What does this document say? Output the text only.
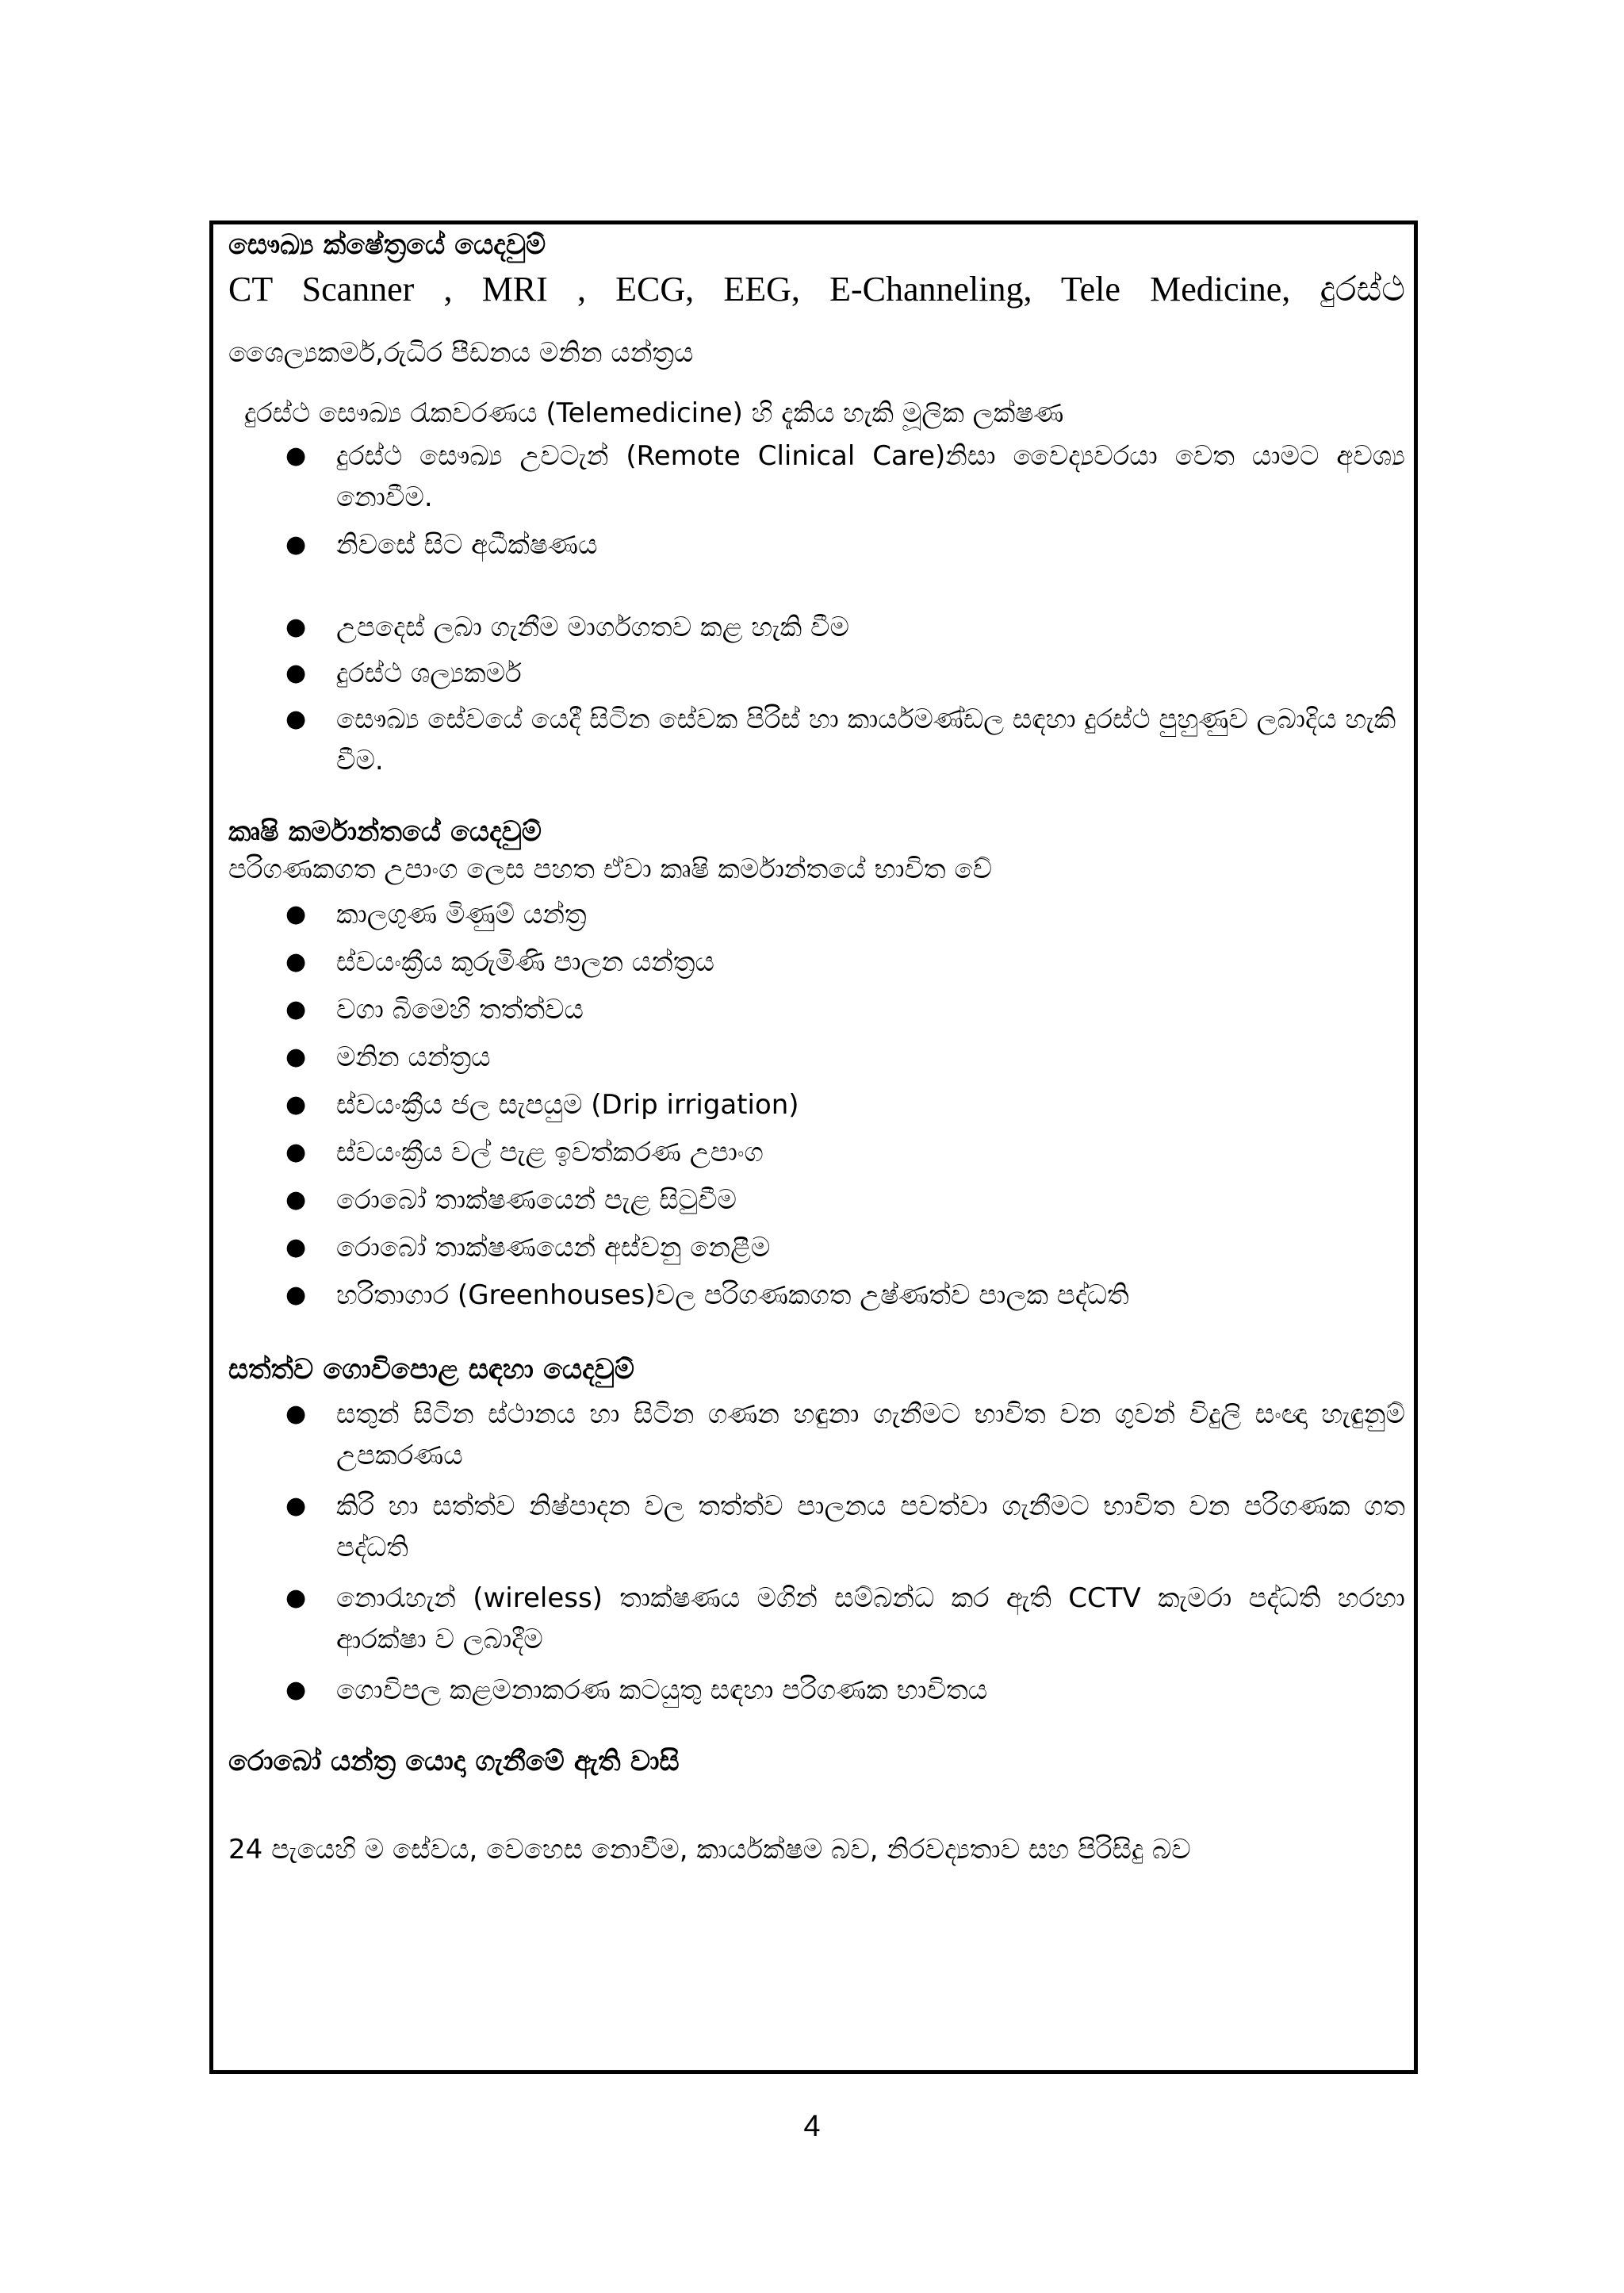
සෞඛ්‍ය ක්ෂේත්‍රයේ යෙදවුම්

CT Scanner , MRI , ECG, EEG, E-Channeling, Tele Medicine, දුරස්ථ

ශෛල්‍යකර්ම,රුධිර පීඩනය මනින යන්ත්‍රය

දුරස්ථ සෞඛ්‍ය රැකවරණය (Telemedicine) හි දැකිය හැකි මූලික ලක්ෂණ

● දුරස්ථ සෞඛ්‍ය උවටැන් (Remote Clinical Care)නිසා වෛද්‍යවරයා වෙත යාමට අවශ්‍ය නොවීම.
● නිවසේ සිට අධීක්ෂණය
● උපදෙස් ලබා ගැනීම මාර්ගගතව කළ හැකි වීම
● දුරස්ථ ශල්‍යකර්ම
● සෞඛ්‍ය සේවයේ යෙදී සිටින සේවක පිරිස් හා කාර්යමණ්ඩල සඳහා දුරස්ථ පුහුණුව ලබාදිය හැකි වීම.

කෘෂි කර්මාන්තයේ යෙදවුම්

පරිගණකගත උපාංග ලෙස පහත ඒවා කෘෂි කර්මාන්තයේ භාවිත වේ

● කාලගුණ මිණුම් යන්ත්‍ර
● ස්වයංක්‍රීය කුරුමිණි පාලන යන්ත්‍රය
● වගා බිමෙහි තත්ත්වය
● මනින යන්ත්‍රය
● ස්වයංක්‍රීය ජල සැපයුම (Drip irrigation)
● ස්වයංක්‍රීය වල් පැළ ඉවත්කරණ උපාංග
● රොබෝ තාක්ෂණයෙන් පැළ සිටුවීම
● රොබෝ තාක්ෂණයෙන් අස්වනු නෙළීම
● හරිතාගාර (Greenhouses)වල පරිගණකගත උෂ්ණත්ව පාලක පද්ධති

සත්ත්ව ගොවිපොළ සඳහා යෙදවුම්

● සතුන් සිටින ස්ථානය හා සිටින ගණන හඳුනා ගැනීමට භාවිත වන ගුවන් විදුලි සංඥා හැඳුනුම් උපකරණය
● කිරි හා සත්ත්ව නිෂ්පාදන වල තත්ත්ව පාලනය පවත්වා ගැනීමට භාවිත වන පරිගණක ගත පද්ධති
● නොරැහැන් (wireless) තාක්ෂණය මගින් සම්බන්ධ කර ඇති CCTV කැමරා පද්ධති හරහා ආරක්ෂා ව ලබාදීම
● ගොවිපල කළමනාකරණ කටයුතු සඳහා පරිගණක භාවිතය

රොබෝ යන්ත්‍ර යොදා ගැනීමේ ඇති වාසි

24 පැයෙහි ම සේවය, වෙහෙස නොවීම, කාර්යක්ෂම බව, නිරවද්‍යතාව සහ පිරිසිදු බව

4
